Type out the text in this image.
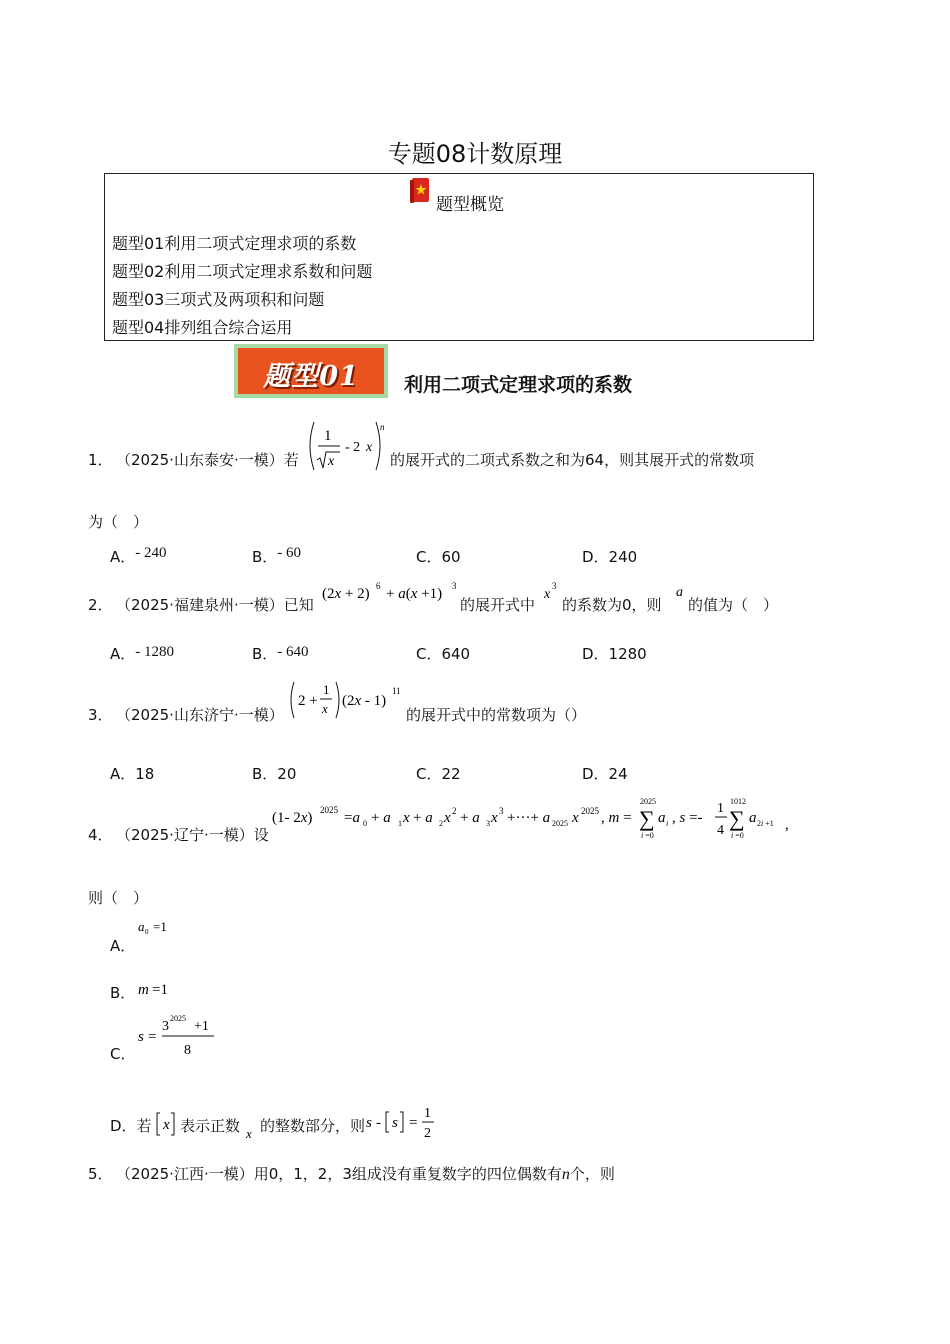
专题08计数原理
题型概览
题型01利用二项式定理求项的系数
题型02利用二项式定理求系数和问题
题型03三项式及两项积和问题
题型04排列组合综合运用
题型01	利用二项式定理求项的系数
1． （2025·山东泰安·一模）若
1
x
- 2 x
n
的展开式的二项式系数之和为64，则其展开式的常数项
为（　）
A．- 240	B．- 60	C．60	D．240
2． （2025·福建泉州·一模）已知
(2x + 2) 6 + a(x +1) 3
的展开式中
x
3
的系数为0，则
a
的值为（　）
A．- 1280	B．- 640	C．640	D．1280
3． （2025·山东济宁·一模）
2 +
1
x (2x - 1)
11
的展开式中的常数项为（）
A．18	B．20	C．22	D．24
4． （2025·辽宁·一模）设
(1- 2x) 2025 =a 0 + a 1 x + a 2 x 2 + a 3 x 3 +···+ a 2025 x 2025 , m =
2025
∑
i =0
a i , s =-
1
4
1012
∑
i =0
a 2i +1 ,
则（　）
A．
a 0 =1
B． m =1
C．
s =
3
2025
+1
8
D．若 x 表示正数 x 的整数部分，则 s - s =
1
2
5． （2025·江西·一模）用0，1，2，3组成没有重复数字的四位偶数有n个，则
